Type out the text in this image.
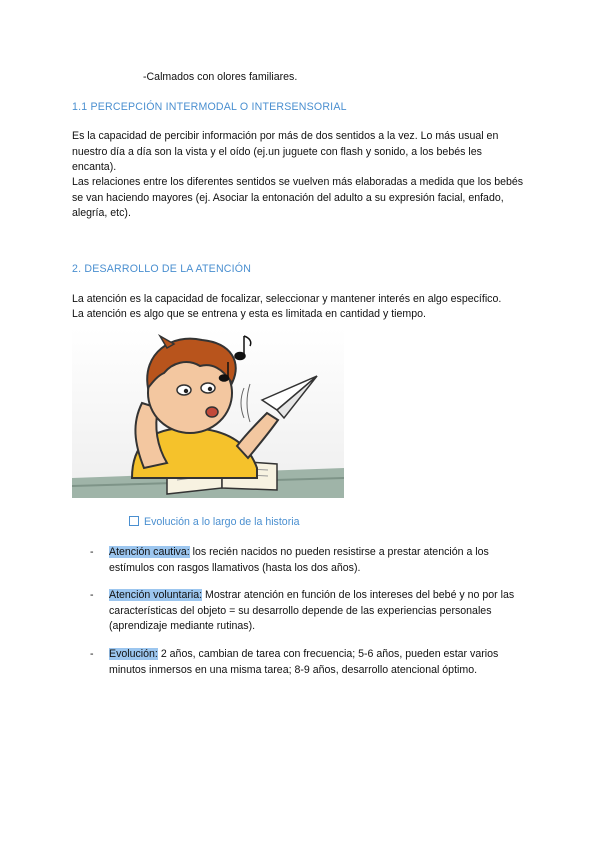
-Calmados con olores familiares.
1.1 PERCEPCIÓN INTERMODAL O INTERSENSORIAL
Es la capacidad de percibir información por más de dos sentidos a la vez. Lo más usual en nuestro día a día son la vista y el oído (ej.un juguete con flash y sonido, a los bebés les encanta).
Las relaciones entre los diferentes sentidos se vuelven más elaboradas a medida que los bebés se van haciendo mayores (ej. Asociar la entonación del adulto a su expresión facial, enfado, alegría, etc).
2. DESARROLLO DE LA ATENCIÓN
La atención es la capacidad de focalizar, seleccionar y mantener interés en algo específico.
La atención es algo que se entrena y esta es limitada en cantidad y tiempo.
Evolución a lo largo de la historia
- Atención cautiva: los recién nacidos no pueden resistirse a prestar atención a los estímulos con rasgos llamativos (hasta los dos años).
- Atención voluntaria: Mostrar atención en función de los intereses del bebé y no por las características del objeto = su desarrollo depende de las experiencias personales (aprendizaje mediante rutinas).
- Evolución: 2 años, cambian de tarea con frecuencia; 5-6 años, pueden estar varios minutos inmersos en una misma tarea; 8-9 años, desarrollo atencional óptimo.
